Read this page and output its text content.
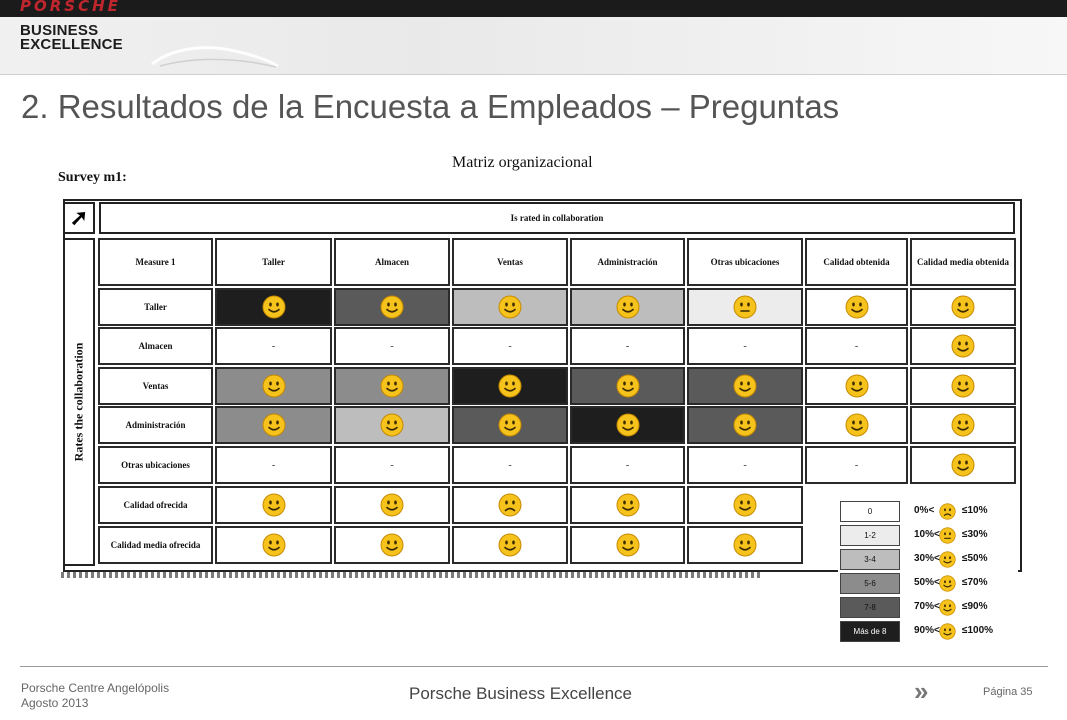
PORSCHE
BUSINESS
EXCELLENCE
2. Resultados de la Encuesta a Empleados – Preguntas
Matriz organizacional
Survey m1:
➚	Is rated in collaboration
Rates the collaboration
Measure 1	Taller	Almacen	Ventas	Administración	Otras ubicaciones	Calidad obtenida	Calidad media obtenida
Taller
Almacen	-	-	-	-	-	-
Ventas
Administración
Otras ubicaciones	-	-	-	-	-	-
Calidad ofrecida
Calidad media ofrecida
0	0%<	≤10%
1-2	10%< ≤30%
3-4	30%< ≤50%
5-6	50%< ≤70%
7-8	70%< ≤90%
Más de 8	90%< ≤100%
Porsche Centre Angelópolis
Agosto 2013	Porsche Business Excellence	»	Página 35
